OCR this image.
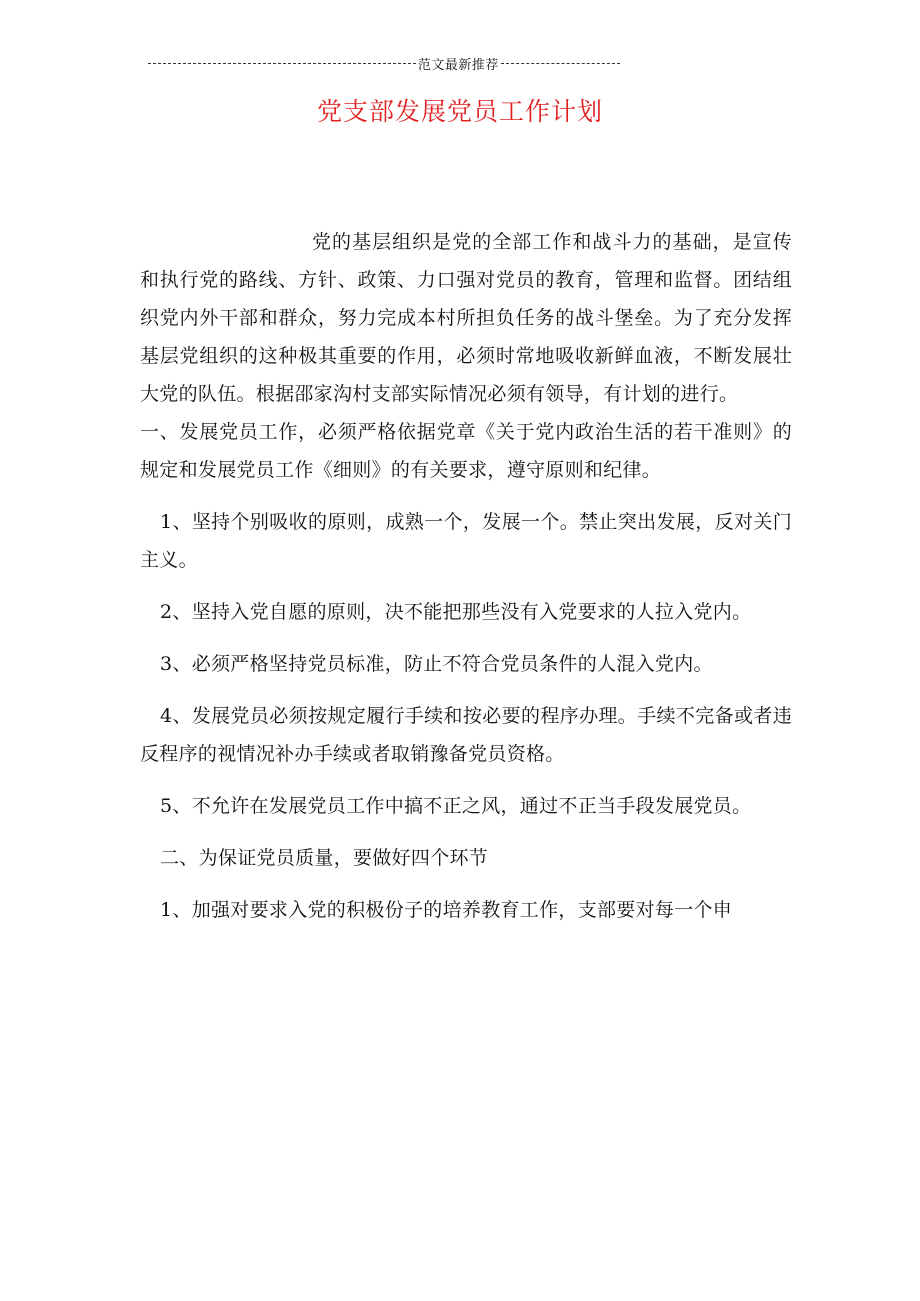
范文最新推荐
党支部发展党员工作计划

党的基层组织是党的全部工作和战斗力的基础，是宣传和执行党的路线、方针、政策、力口强对党员的教育，管理和监督。团结组织党内外干部和群众，努力完成本村所担负任务的战斗堡垒。为了充分发挥基层党组织的这种极其重要的作用，必须时常地吸收新鲜血液，不断发展壮大党的队伍。根据邵家沟村支部实际情况必须有领导，有计划的进行。

一、发展党员工作，必须严格依据党章《关于党内政治生活的若干准则》的规定和发展党员工作《细则》的有关要求，遵守原则和纪律。

1、坚持个别吸收的原则，成熟一个，发展一个。禁止突出发展，反对关门主义。

2、坚持入党自愿的原则，决不能把那些没有入党要求的人拉入党内。

3、必须严格坚持党员标准，防止不符合党员条件的人混入党内。

4、发展党员必须按规定履行手续和按必要的程序办理。手续不完备或者违反程序的视情况补办手续或者取销豫备党员资格。

5、不允许在发展党员工作中搞不正之风，通过不正当手段发展党员。

二、为保证党员质量，要做好四个环节

1、加强对要求入党的积极份子的培养教育工作，支部要对每一个申
